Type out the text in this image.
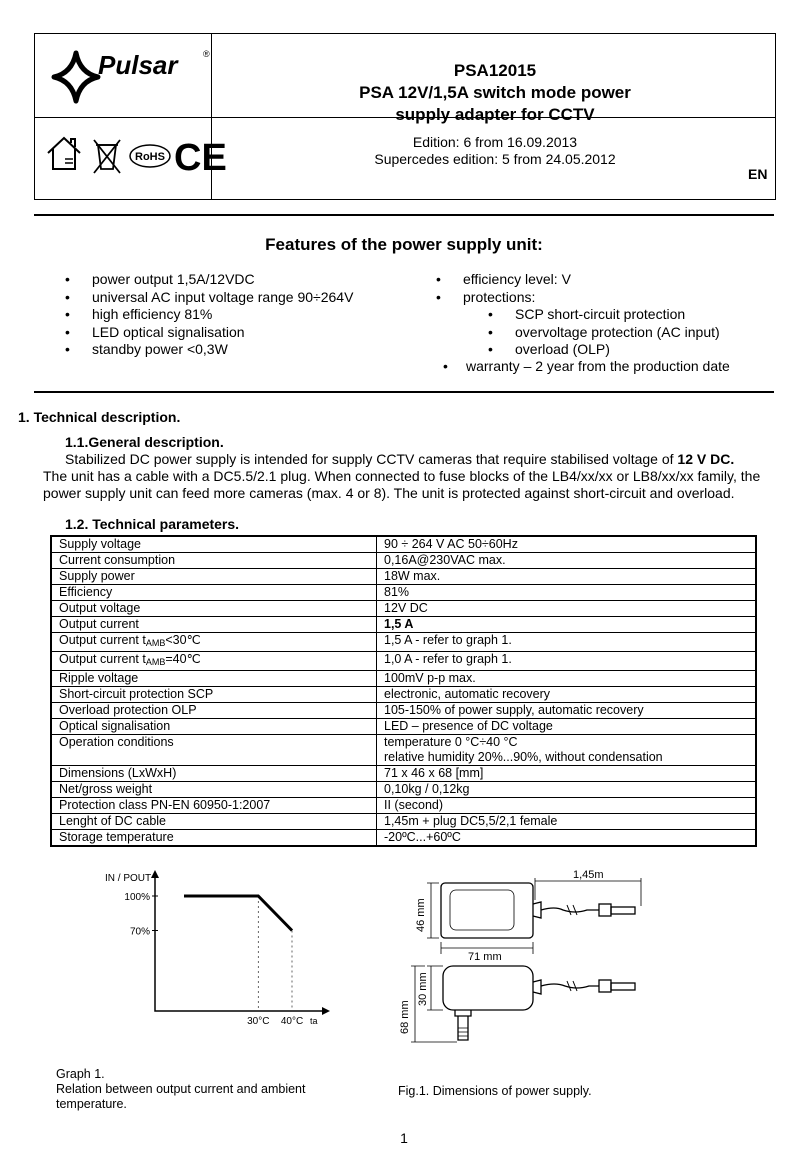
Pulsar	®
PSA12015
PSA 12V/1,5A switch mode power
supply adapter for CCTV
RoHS CE	Edition: 6 from 16.09.2013
Supercedes edition: 5 from 24.05.2012
EN
Features of the power supply unit:
• power output 1,5A/12VDC
• universal AC input voltage range 90÷264V
• high efficiency 81%
• LED optical signalisation
• standby power <0,3W
• efficiency level: V
• protections:
• SCP short-circuit protection
• overvoltage protection (AC input)
• overload (OLP)
• warranty – 2 year from the production date
1. Technical description.
1.1.General description.
Stabilized DC power supply is intended for supply CCTV cameras that require stabilised voltage of 12 V DC.
The unit has a cable with a DC5.5/2.1 plug. When connected to fuse blocks of the LB4/xx/xx or LB8/xx/xx family, the
power supply unit can feed more cameras (max. 4 or 8). The unit is protected against short-circuit and overload.
1.2. Technical parameters.
Supply voltage	90 ÷ 264 V AC 50÷60Hz
Current consumption	0,16A@230VAC max.
Supply power	18W max.
Efficiency	81%
Output voltage	12V DC
Output current	1,5 A
Output current $t_{AMB}<30℃$	1,5 A - refer to graph 1.
Output current $t_{AMB}=40℃$	1,0 A - refer to graph 1.
Ripple voltage	100mV p-p max.
Short-circuit protection SCP	electronic, automatic recovery
Overload protection OLP	105-150% of power supply, automatic recovery
Optical signalisation	LED – presence of DC voltage
Operation conditions	temperature 0 °C÷40 °C
relative humidity 20%...90%, without condensation

Dimensions (LxWxH)	71 x 46 x 68 [mm]
Net/gross weight	0,10kg / 0,12kg
Protection class PN-EN 60950-1:2007	II (second)
Lenght of DC cable	1,45m + plug DC5,5/2,1 female
Storage temperature	-20ºC...+60ºC
IN / POUT
ta
100%
70%
30°C 40°C
1,45m
46 mm
71 mm
30 mm
68 mm
Graph 1.
Relation between output current and ambient
temperature.
Fig.1. Dimensions of power supply.
1
